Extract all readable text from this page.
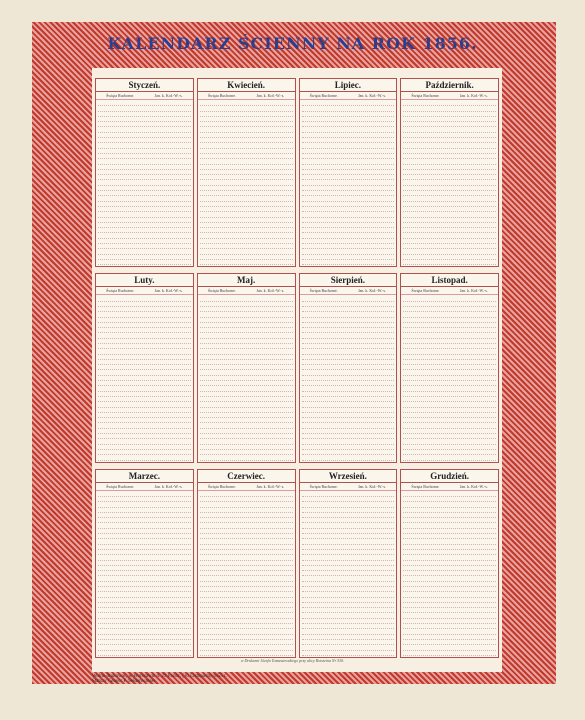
KALENDARZ ŚCIENNY NA ROK 1856.
Styczeń.
Święta Ruchome.	Jan. k. Koł.-W.-s.
Kwiecień.
Święta Ruchome.	Jan. k. Koł.-W.-s.
Lipiec.
Święta Ruchome.	Jan. k. Koł.-W.-s.
Październik.
Święta Ruchome.	Jan. k. Koł.-W.-s.
Luty.
Święta Ruchome.	Jan. k. Koł.-W.-s.
Maj.
Święta Ruchome.	Jan. k. Koł.-W.-s.
Sierpień.
Święta Ruchome.	Jan. k. Koł.-W.-s.
Listopad.
Święta Ruchome.	Jan. k. Koł.-W.-s.
Marzec.
Święta Ruchome.	Jan. k. Koł.-W.-s.
Czerwiec.
Święta Ruchome.	Jan. k. Koł.-W.-s.
Wrzesień.
Święta Ruchome.	Jan. k. Koł.-W.-s.
Grudzień.
Święta Ruchome.	Jan. k. Koł.-W.-s.
w Drukarni Józefa Tomaszewskiego przy ulicy Rotsteina Nr 530.
Wolno drukować, w Warszawie d. 29 Paźdz. (10 Listopada) 1855 r.
Starszy Censor P. Seidenwasser
